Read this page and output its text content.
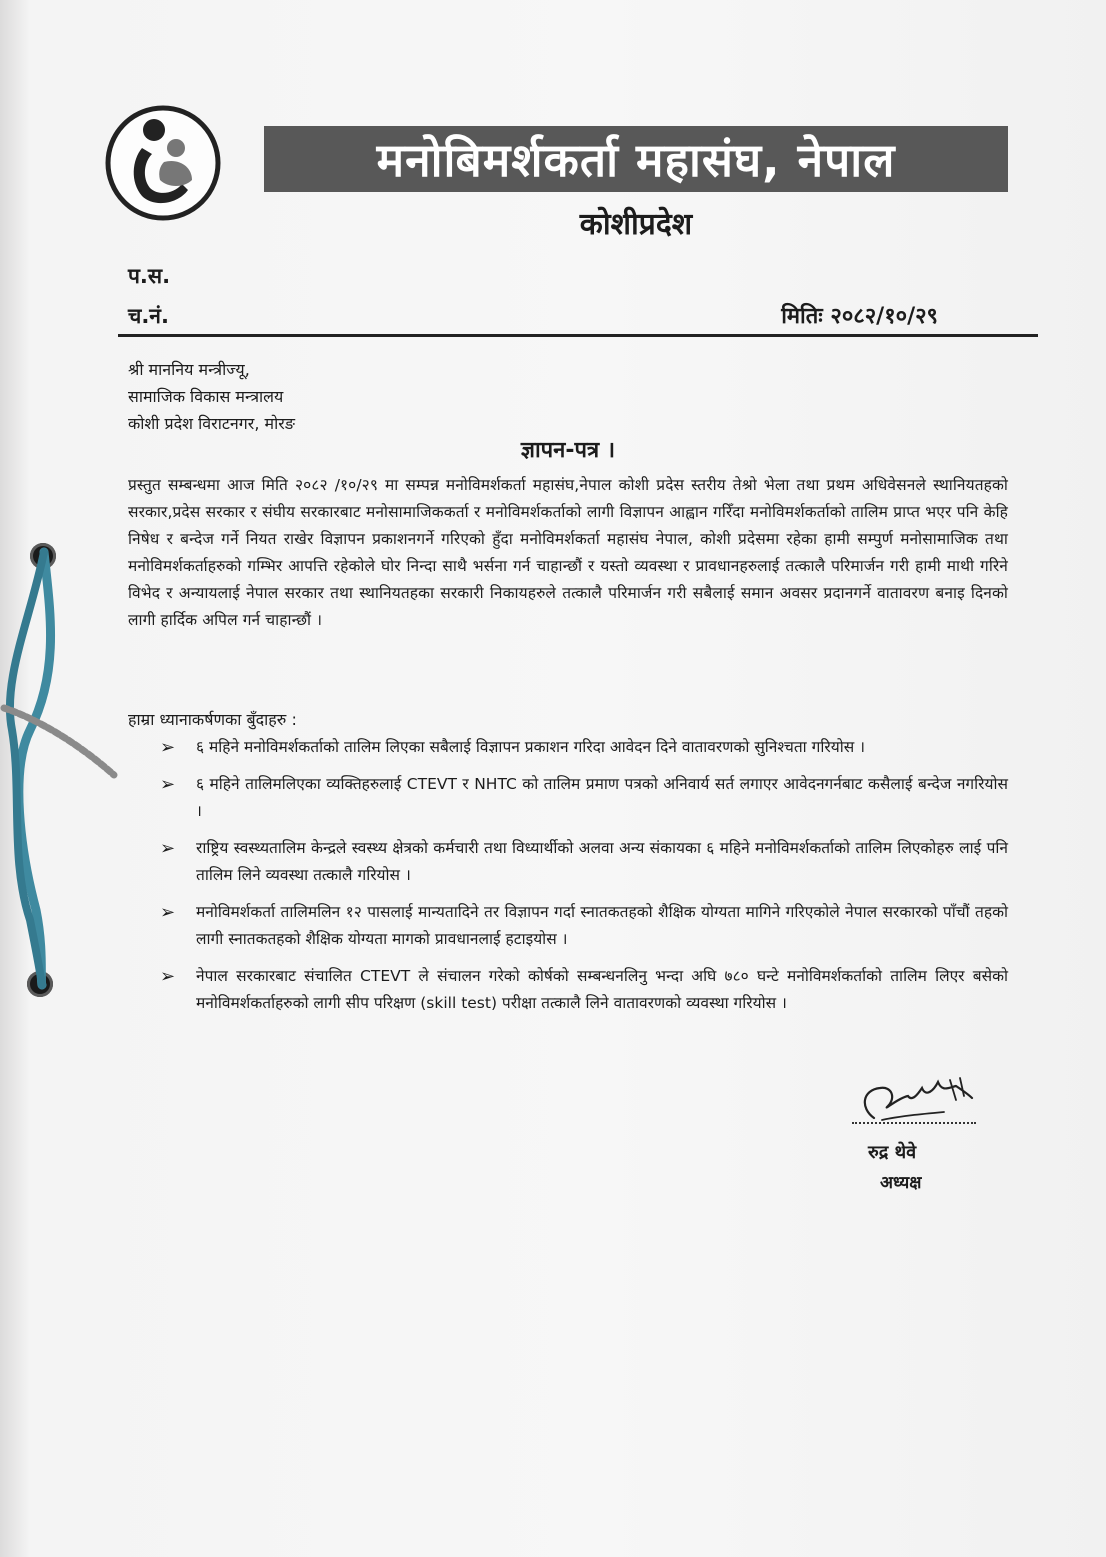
मनोबिमर्शकर्ता महासंघ, नेपाल
कोशीप्रदेश
प.स.
च.नं.	मितिः २०८२/१०/२९
श्री माननिय मन्त्रीज्यू,
सामाजिक विकास मन्त्रालय
कोशी प्रदेश विराटनगर, मोरङ
ज्ञापन-पत्र ।
प्रस्तुत सम्बन्धमा आज मिति २०८२ /१०/२९ मा सम्पन्न मनोविमर्शकर्ता महासंघ,नेपाल कोशी प्रदेस स्तरीय तेश्रो भेला तथा प्रथम अधिवेसनले स्थानियतहको सरकार,प्रदेस सरकार र संघीय सरकारबाट मनोसामाजिककर्ता र मनोविमर्शकर्ताको लागी विज्ञापन आह्वान गरिँदा मनोविमर्शकर्ताको तालिम प्राप्त भएर पनि केहि निषेध र बन्देज गर्ने नियत राखेर विज्ञापन प्रकाशनगर्ने गरिएको हुँदा मनोविमर्शकर्ता महासंघ नेपाल, कोशी प्रदेसमा रहेका हामी सम्पुर्ण मनोसामाजिक तथा मनोविमर्शकर्ताहरुको गम्भिर आपत्ति रहेकोले घोर निन्दा साथै भर्सना गर्न चाहान्छौं र यस्तो व्यवस्था र प्रावधानहरुलाई तत्कालै परिमार्जन गरी हामी माथी गरिने विभेद र अन्यायलाई नेपाल सरकार तथा स्थानियतहका सरकारी निकायहरुले तत्कालै परिमार्जन गरी सबैलाई समान अवसर प्रदानगर्ने वातावरण बनाइ दिनको लागी हार्दिक अपिल गर्न चाहान्छौं ।
हाम्रा ध्यानाकर्षणका बुँदाहरु :
➢ ६ महिने मनोविमर्शकर्ताको तालिम लिएका सबैलाई विज्ञापन प्रकाशन गरिदा आवेदन दिने वातावरणको सुनिश्चता गरियोस ।
➢ ६ महिने तालिमलिएका व्यक्तिहरुलाई CTEVT र NHTC को तालिम प्रमाण पत्रको अनिवार्य सर्त लगाएर आवेदनगर्नबाट कसैलाई बन्देज नगरियोस ।
➢ राष्ट्रिय स्वस्थ्यतालिम केन्द्रले स्वस्थ्य क्षेत्रको कर्मचारी तथा विध्यार्थीको अलवा अन्य संकायका ६ महिने मनोविमर्शकर्ताको तालिम लिएकोहरु लाई पनि तालिम लिने व्यवस्था तत्कालै गरियोस ।
➢ मनोविमर्शकर्ता तालिमलिन १२ पासलाई मान्यतादिने तर विज्ञापन गर्दा स्नातकतहको शैक्षिक योग्यता मागिने गरिएकोले नेपाल सरकारको पाँचौं तहको लागी स्नातकतहको शैक्षिक योग्यता मागको प्रावधानलाई हटाइयोस ।
➢ नेपाल सरकारबाट संचालित CTEVT ले संचालन गरेको कोर्षको सम्बन्धनलिनु भन्दा अघि ७८० घन्टे मनोविमर्शकर्ताको तालिम लिएर बसेको मनोविमर्शकर्ताहरुको लागी सीप परिक्षण (skill test) परीक्षा तत्कालै लिने वातावरणको व्यवस्था गरियोस ।
रुद्र थेवे
अध्यक्ष
